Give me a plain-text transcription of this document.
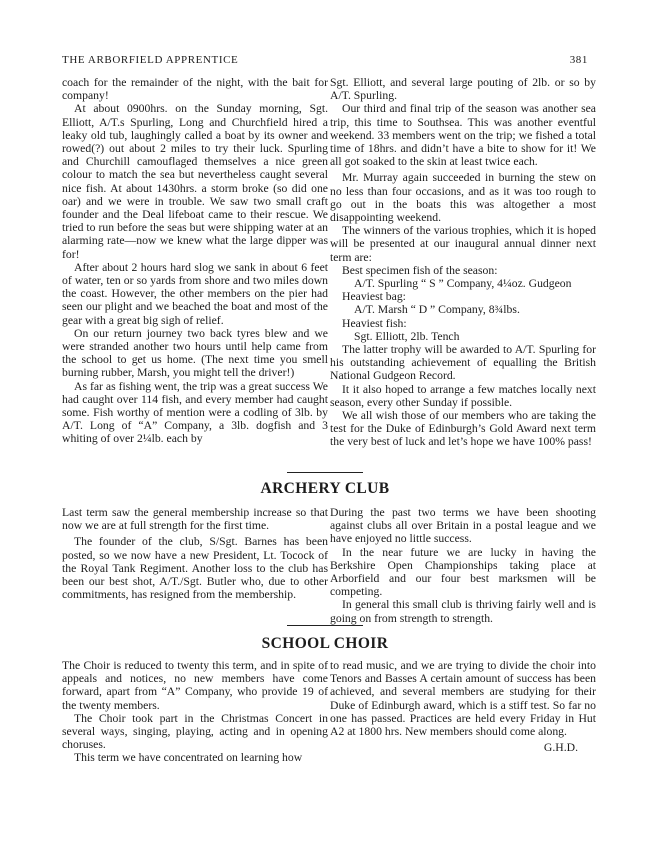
THE ARBORFIELD APPRENTICE	381

coach for the remainder of the night, with the bait for company!

At about 0900hrs. on the Sunday morning, Sgt. Elliott, A/T.s Spurling, Long and Churchfield hired a leaky old tub, laughingly called a boat by its owner and rowed(?) out about 2 miles to try their luck. Spurling and Churchill camouflaged themselves a nice green colour to match the sea but nevertheless caught several nice fish. At about 1430hrs. a storm broke (so did one oar) and we were in trouble. We saw two small craft founder and the Deal lifeboat came to their rescue. We tried to run before the seas but were shipping water at an alarming rate—now we knew what the large dipper was for!

After about 2 hours hard slog we sank in about 6 feet of water, ten or so yards from shore and two miles down the coast. However, the other members on the pier had seen our plight and we beached the boat and most of the gear with a great big sigh of relief.

On our return journey two back tyres blew and we were stranded another two hours until help came from the school to get us home. (The next time you smell burning rubber, Marsh, you might tell the driver!)

As far as fishing went, the trip was a great success We had caught over 114 fish, and every member had caught some. Fish worthy of mention were a codling of 3lb. by A/T. Long of “A” Company, a 3lb. dogfish and 3 whiting of over 2¼lb. each by

Sgt. Elliott, and several large pouting of 2lb. or so by A/T. Spurling.

Our third and final trip of the season was another sea trip, this time to Southsea. This was another eventful weekend. 33 members went on the trip; we fished a total time of 18hrs. and didn’t have a bite to show for it! We all got soaked to the skin at least twice each.

Mr. Murray again succeeded in burning the stew on no less than four occasions, and as it was too rough to go out in the boats this was altogether a most disappointing weekend.

The winners of the various trophies, which it is hoped will be presented at our inaugural annual dinner next term are:

Best specimen fish of the season:

A/T. Spurling “ S ” Company, 4¼oz. Gudgeon

Heaviest bag:

A/T. Marsh “ D ” Company, 8¾lbs.

Heaviest fish:

Sgt. Elliott, 2lb. Tench

The latter trophy will be awarded to A/T. Spurling for his outstanding achievement of equalling the British National Gudgeon Record.

It it also hoped to arrange a few matches locally next season, every other Sunday if possible.

We all wish those of our members who are taking the test for the Duke of Edinburgh’s Gold Award next term the very best of luck and let’s hope we have 100% pass!

ARCHERY CLUB

Last term saw the general membership increase so that now we are at full strength for the first time.

The founder of the club, S/Sgt. Barnes has been posted, so we now have a new President, Lt. Tocock of the Royal Tank Regiment. Another loss to the club has been our best shot, A/T./Sgt. Butler who, due to other commitments, has resigned from the membership.

During the past two terms we have been shooting against clubs all over Britain in a postal league and we have enjoyed no little success.

In the near future we are lucky in having the Berkshire Open Championships taking place at Arborfield and our four best marksmen will be competing.

In general this small club is thriving fairly well and is going on from strength to strength.

SCHOOL CHOIR

The Choir is reduced to twenty this term, and in spite of appeals and notices, no new members have come forward, apart from “A” Company, who provide 19 of the twenty members.

The Choir took part in the Christmas Concert in several ways, singing, playing, acting and in opening choruses.

This term we have concentrated on learning how

to read music, and we are trying to divide the choir into Tenors and Basses A certain amount of success has been achieved, and several members are studying for their Duke of Edinburgh award, which is a stiff test. So far no one has passed. Practices are held every Friday in Hut A2 at 1800 hrs. New members should come along.

G.H.D.
